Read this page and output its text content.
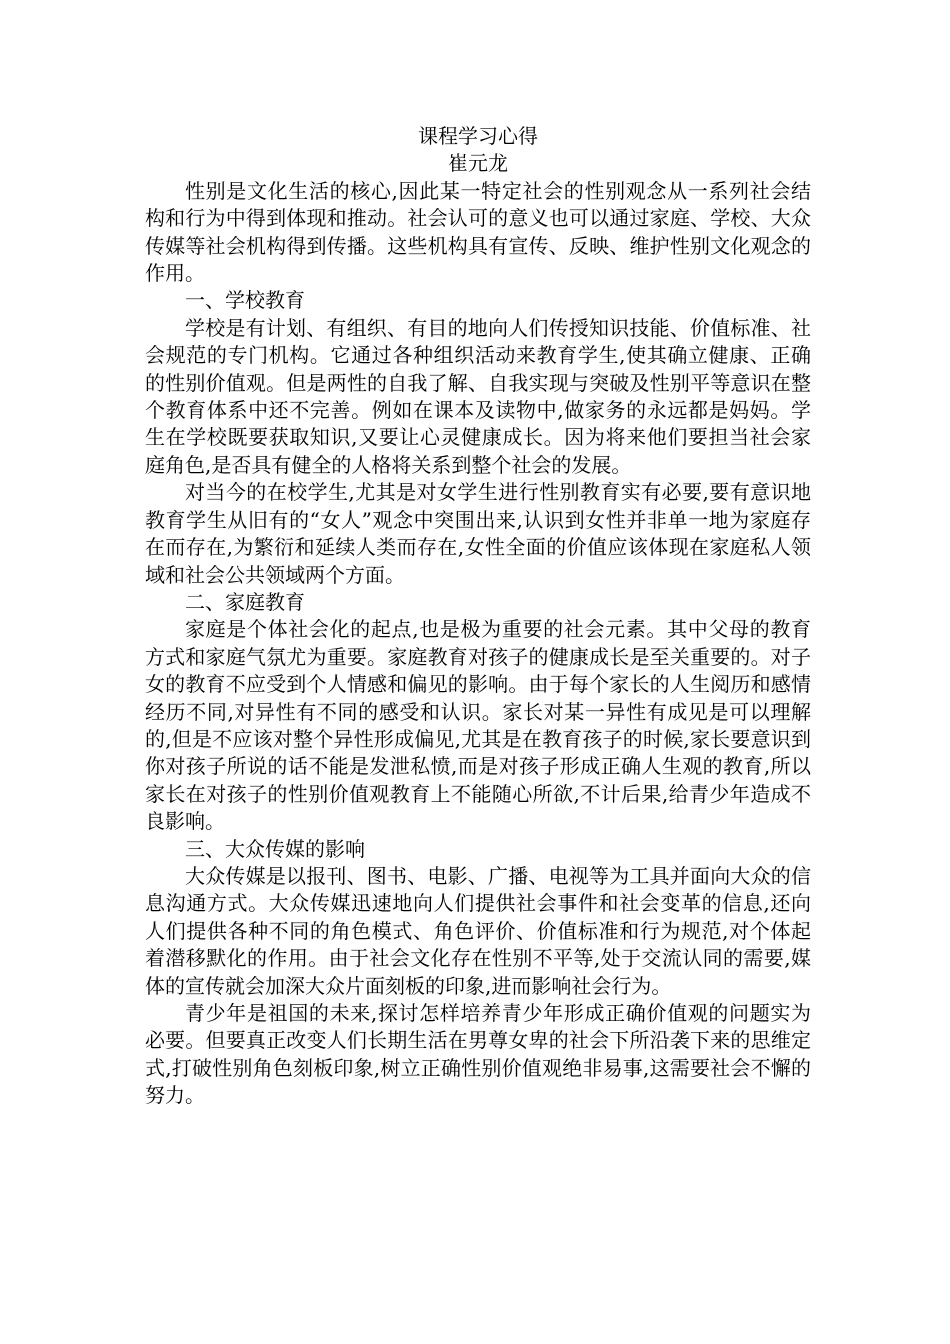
课程学习心得

崔元龙

性别是文化生活的核心,因此某一特定社会的性别观念从一系列社会结构和行为中得到体现和推动。社会认可的意义也可以通过家庭、学校、大众传媒等社会机构得到传播。这些机构具有宣传、反映、维护性别文化观念的作用。

一、学校教育

学校是有计划、有组织、有目的地向人们传授知识技能、价值标准、社会规范的专门机构。它通过各种组织活动来教育学生,使其确立健康、正确的性别价值观。但是两性的自我了解、自我实现与突破及性别平等意识在整个教育体系中还不完善。例如在课本及读物中,做家务的永远都是妈妈。学生在学校既要获取知识,又要让心灵健康成长。因为将来他们要担当社会家庭角色,是否具有健全的人格将关系到整个社会的发展。

对当今的在校学生,尤其是对女学生进行性别教育实有必要,要有意识地教育学生从旧有的“女人”观念中突围出来,认识到女性并非单一地为家庭存在而存在,为繁衍和延续人类而存在,女性全面的价值应该体现在家庭私人领域和社会公共领域两个方面。

二、家庭教育

家庭是个体社会化的起点,也是极为重要的社会元素。其中父母的教育方式和家庭气氛尤为重要。家庭教育对孩子的健康成长是至关重要的。对子女的教育不应受到个人情感和偏见的影响。由于每个家长的人生阅历和感情经历不同,对异性有不同的感受和认识。家长对某一异性有成见是可以理解的,但是不应该对整个异性形成偏见,尤其是在教育孩子的时候,家长要意识到你对孩子所说的话不能是发泄私愤,而是对孩子形成正确人生观的教育,所以家长在对孩子的性别价值观教育上不能随心所欲,不计后果,给青少年造成不良影响。

三、大众传媒的影响

大众传媒是以报刊、图书、电影、广播、电视等为工具并面向大众的信息沟通方式。大众传媒迅速地向人们提供社会事件和社会变革的信息,还向人们提供各种不同的角色模式、角色评价、价值标准和行为规范,对个体起着潜移默化的作用。由于社会文化存在性别不平等,处于交流认同的需要,媒体的宣传就会加深大众片面刻板的印象,进而影响社会行为。

青少年是祖国的未来,探讨怎样培养青少年形成正确价值观的问题实为必要。但要真正改变人们长期生活在男尊女卑的社会下所沿袭下来的思维定式,打破性别角色刻板印象,树立正确性别价值观绝非易事,这需要社会不懈的努力。
